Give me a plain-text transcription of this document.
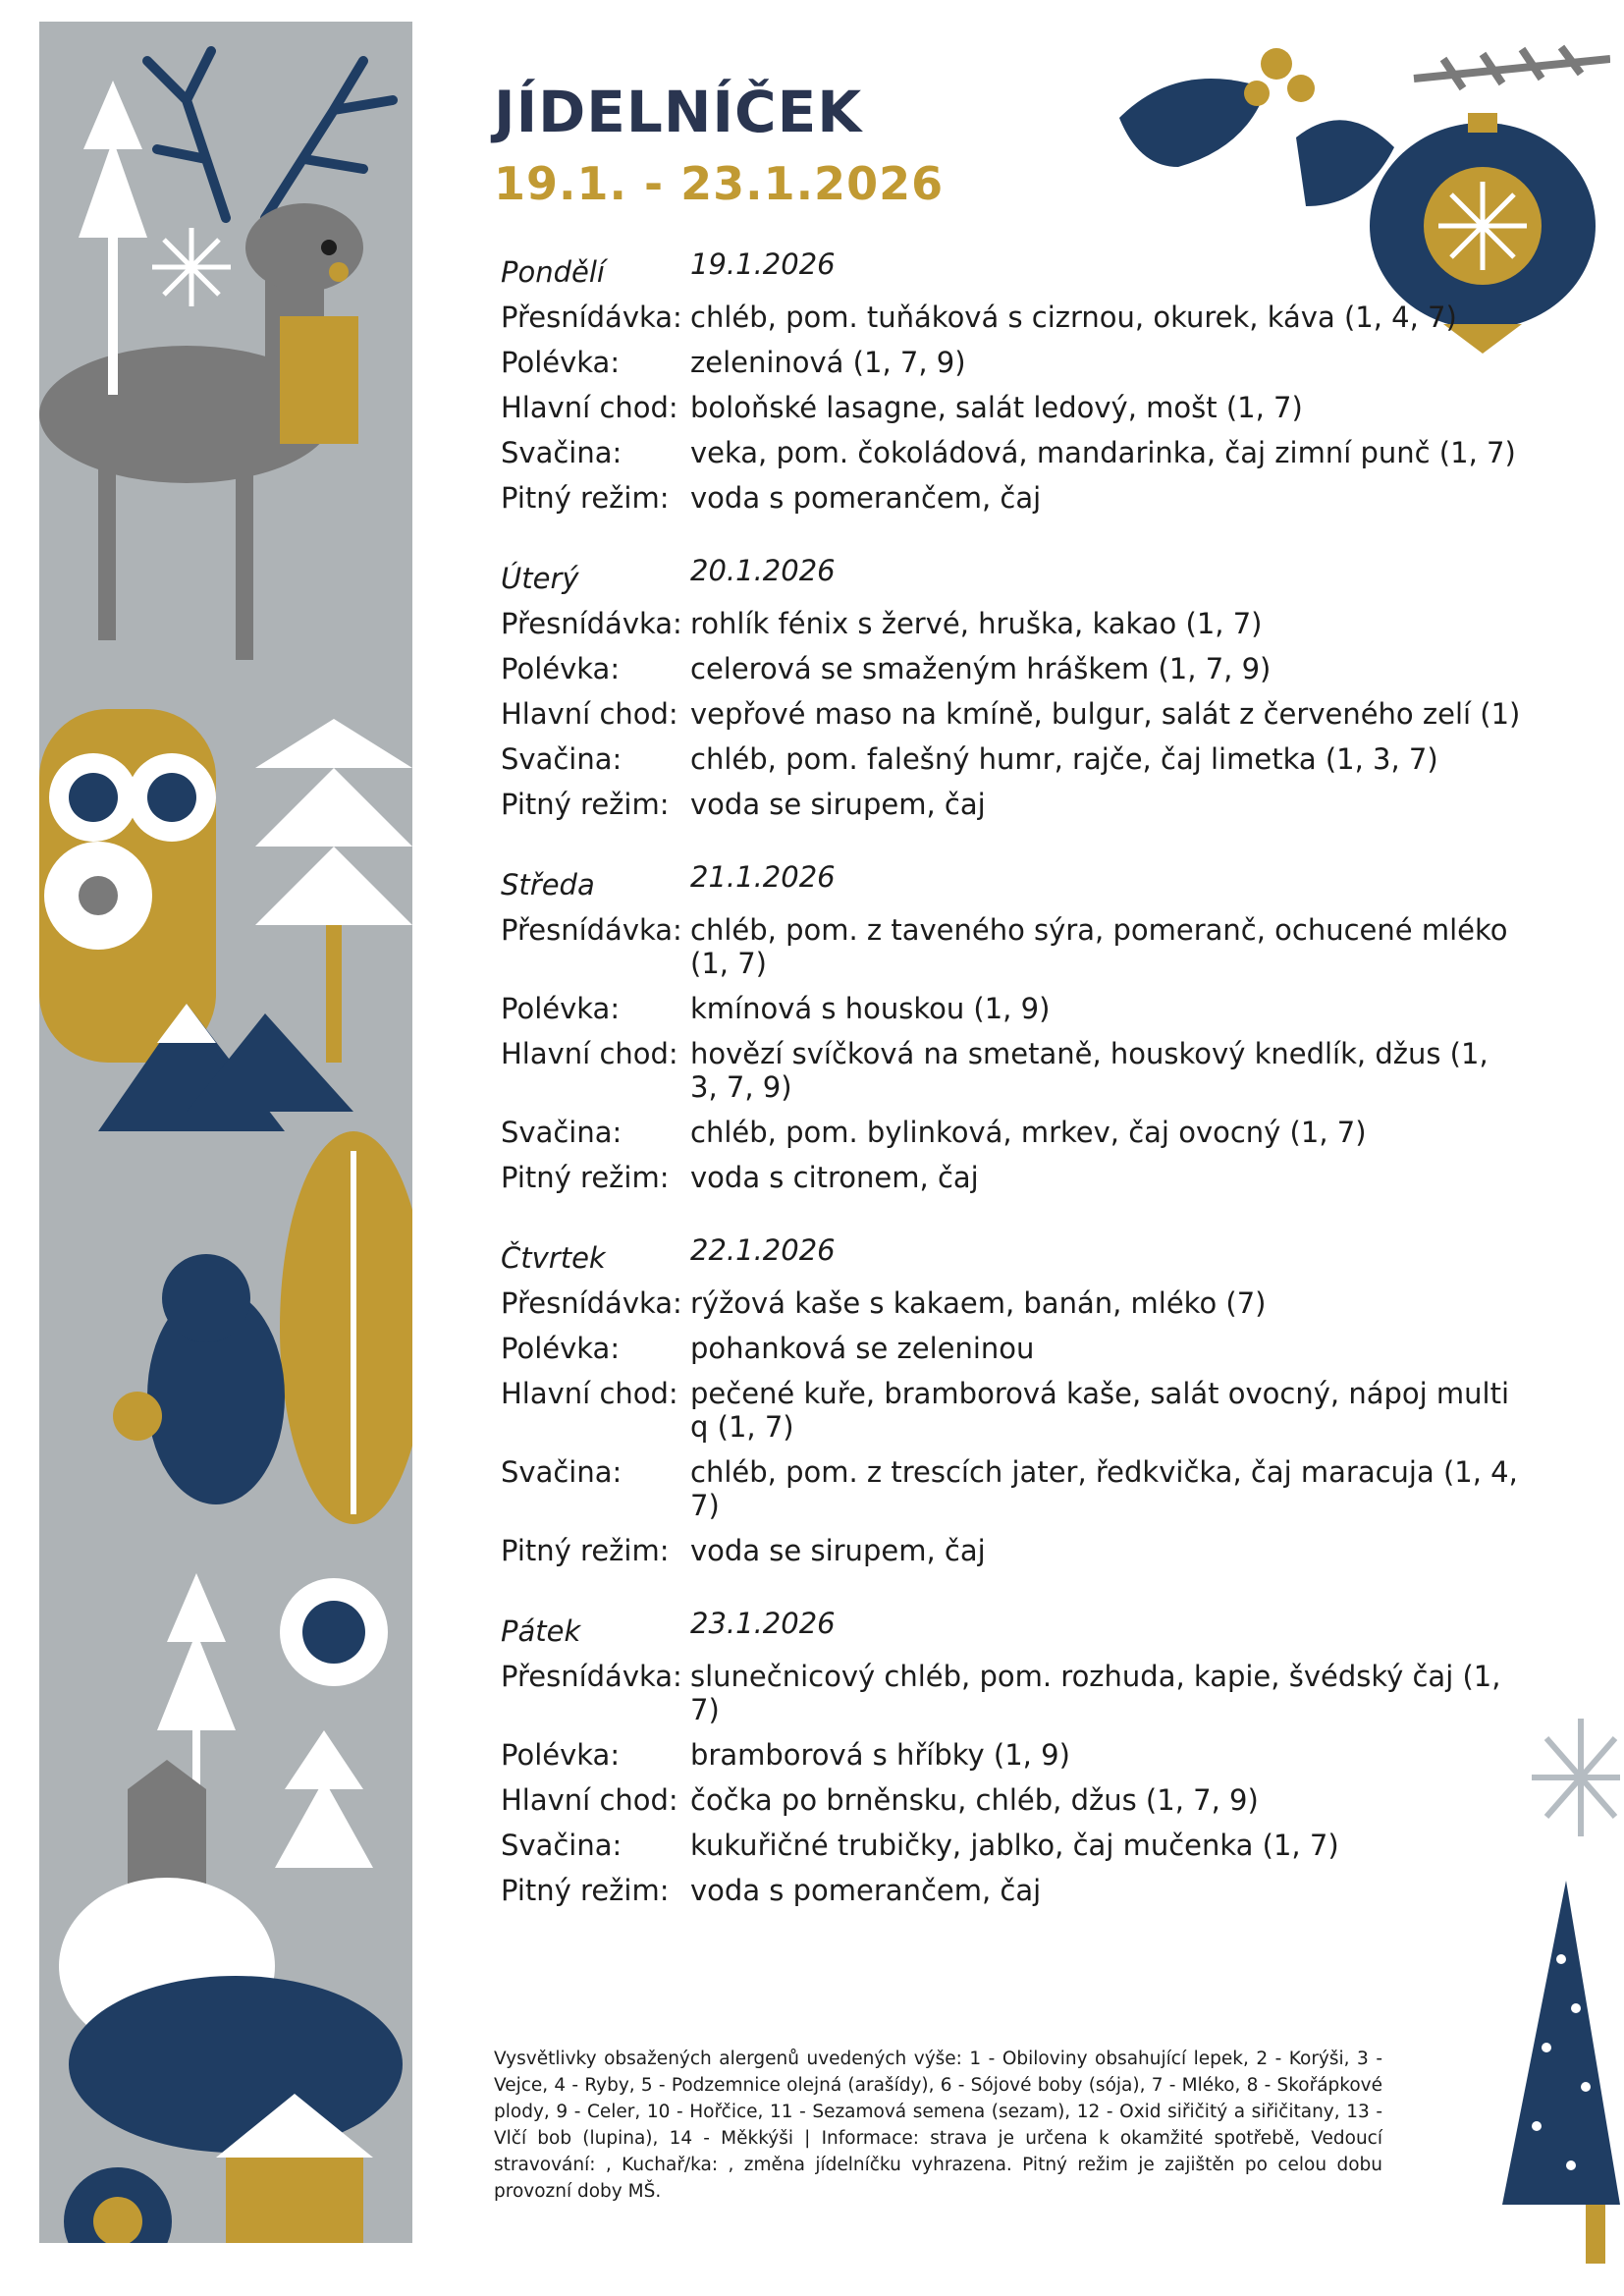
JÍDELNÍČEK
19.1. - 23.1.2026
Pondělí	19.1.2026
Přesnídávka: chléb, pom. tuňáková s cizrnou, okurek, káva (1, 4, 7)
Polévka:	zeleninová (1, 7, 9)
Hlavní chod: boloňské lasagne, salát ledový, mošt (1, 7)
Svačina:	veka, pom. čokoládová, mandarinka, čaj zimní punč (1, 7)
Pitný režim: voda s pomerančem, čaj
Úterý	20.1.2026
Přesnídávka: rohlík fénix s žervé, hruška, kakao (1, 7)
Polévka:	celerová se smaženým hráškem (1, 7, 9)
Hlavní chod: vepřové maso na kmíně, bulgur, salát z červeného zelí (1)
Svačina:	chléb, pom. falešný humr, rajče, čaj limetka (1, 3, 7)
Pitný režim: voda se sirupem, čaj
Středa	21.1.2026
Přesnídávka: chléb, pom. z taveného sýra, pomeranč, ochucené mléko (1, 7)
Polévka:	kmínová s houskou (1, 9)
Hlavní chod: hovězí svíčková na smetaně, houskový knedlík, džus (1, 3, 7, 9)
Svačina:	chléb, pom. bylinková, mrkev, čaj ovocný (1, 7)
Pitný režim: voda s citronem, čaj
Čtvrtek	22.1.2026
Přesnídávka: rýžová kaše s kakaem, banán, mléko (7)
Polévka:	pohanková se zeleninou
Hlavní chod: pečené kuře, bramborová kaše, salát ovocný, nápoj multi q (1, 7)
Svačina:	chléb, pom. z trescích jater, ředkvička, čaj maracuja (1, 4, 7)
Pitný režim: voda se sirupem, čaj
Pátek	23.1.2026
Přesnídávka: slunečnicový chléb, pom. rozhuda, kapie, švédský čaj (1, 7)
Polévka:	bramborová s hříbky (1, 9)
Hlavní chod: čočka po brněnsku, chléb, džus (1, 7, 9)
Svačina:	kukuřičné trubičky, jablko, čaj mučenka (1, 7)
Pitný režim: voda s pomerančem, čaj
Vysvětlivky obsažených alergenů uvedených výše: 1 - Obiloviny obsahující lepek, 2 - Korýši, 3 - Vejce, 4 - Ryby, 5 - Podzemnice olejná (arašídy), 6 - Sójové boby (sója), 7 - Mléko, 8 - Skořápkové plody, 9 - Celer, 10 - Hořčice, 11 - Sezamová semena (sezam), 12 - Oxid siřičitý a siřičitany, 13 - Vlčí bob (lupina), 14 - Měkkýši | Informace: strava je určena k okamžité spotřebě, Vedoucí stravování: , Kuchař/ka: , změna jídelníčku vyhrazena. Pitný režim je zajištěn po celou dobu provozní doby MŠ.
